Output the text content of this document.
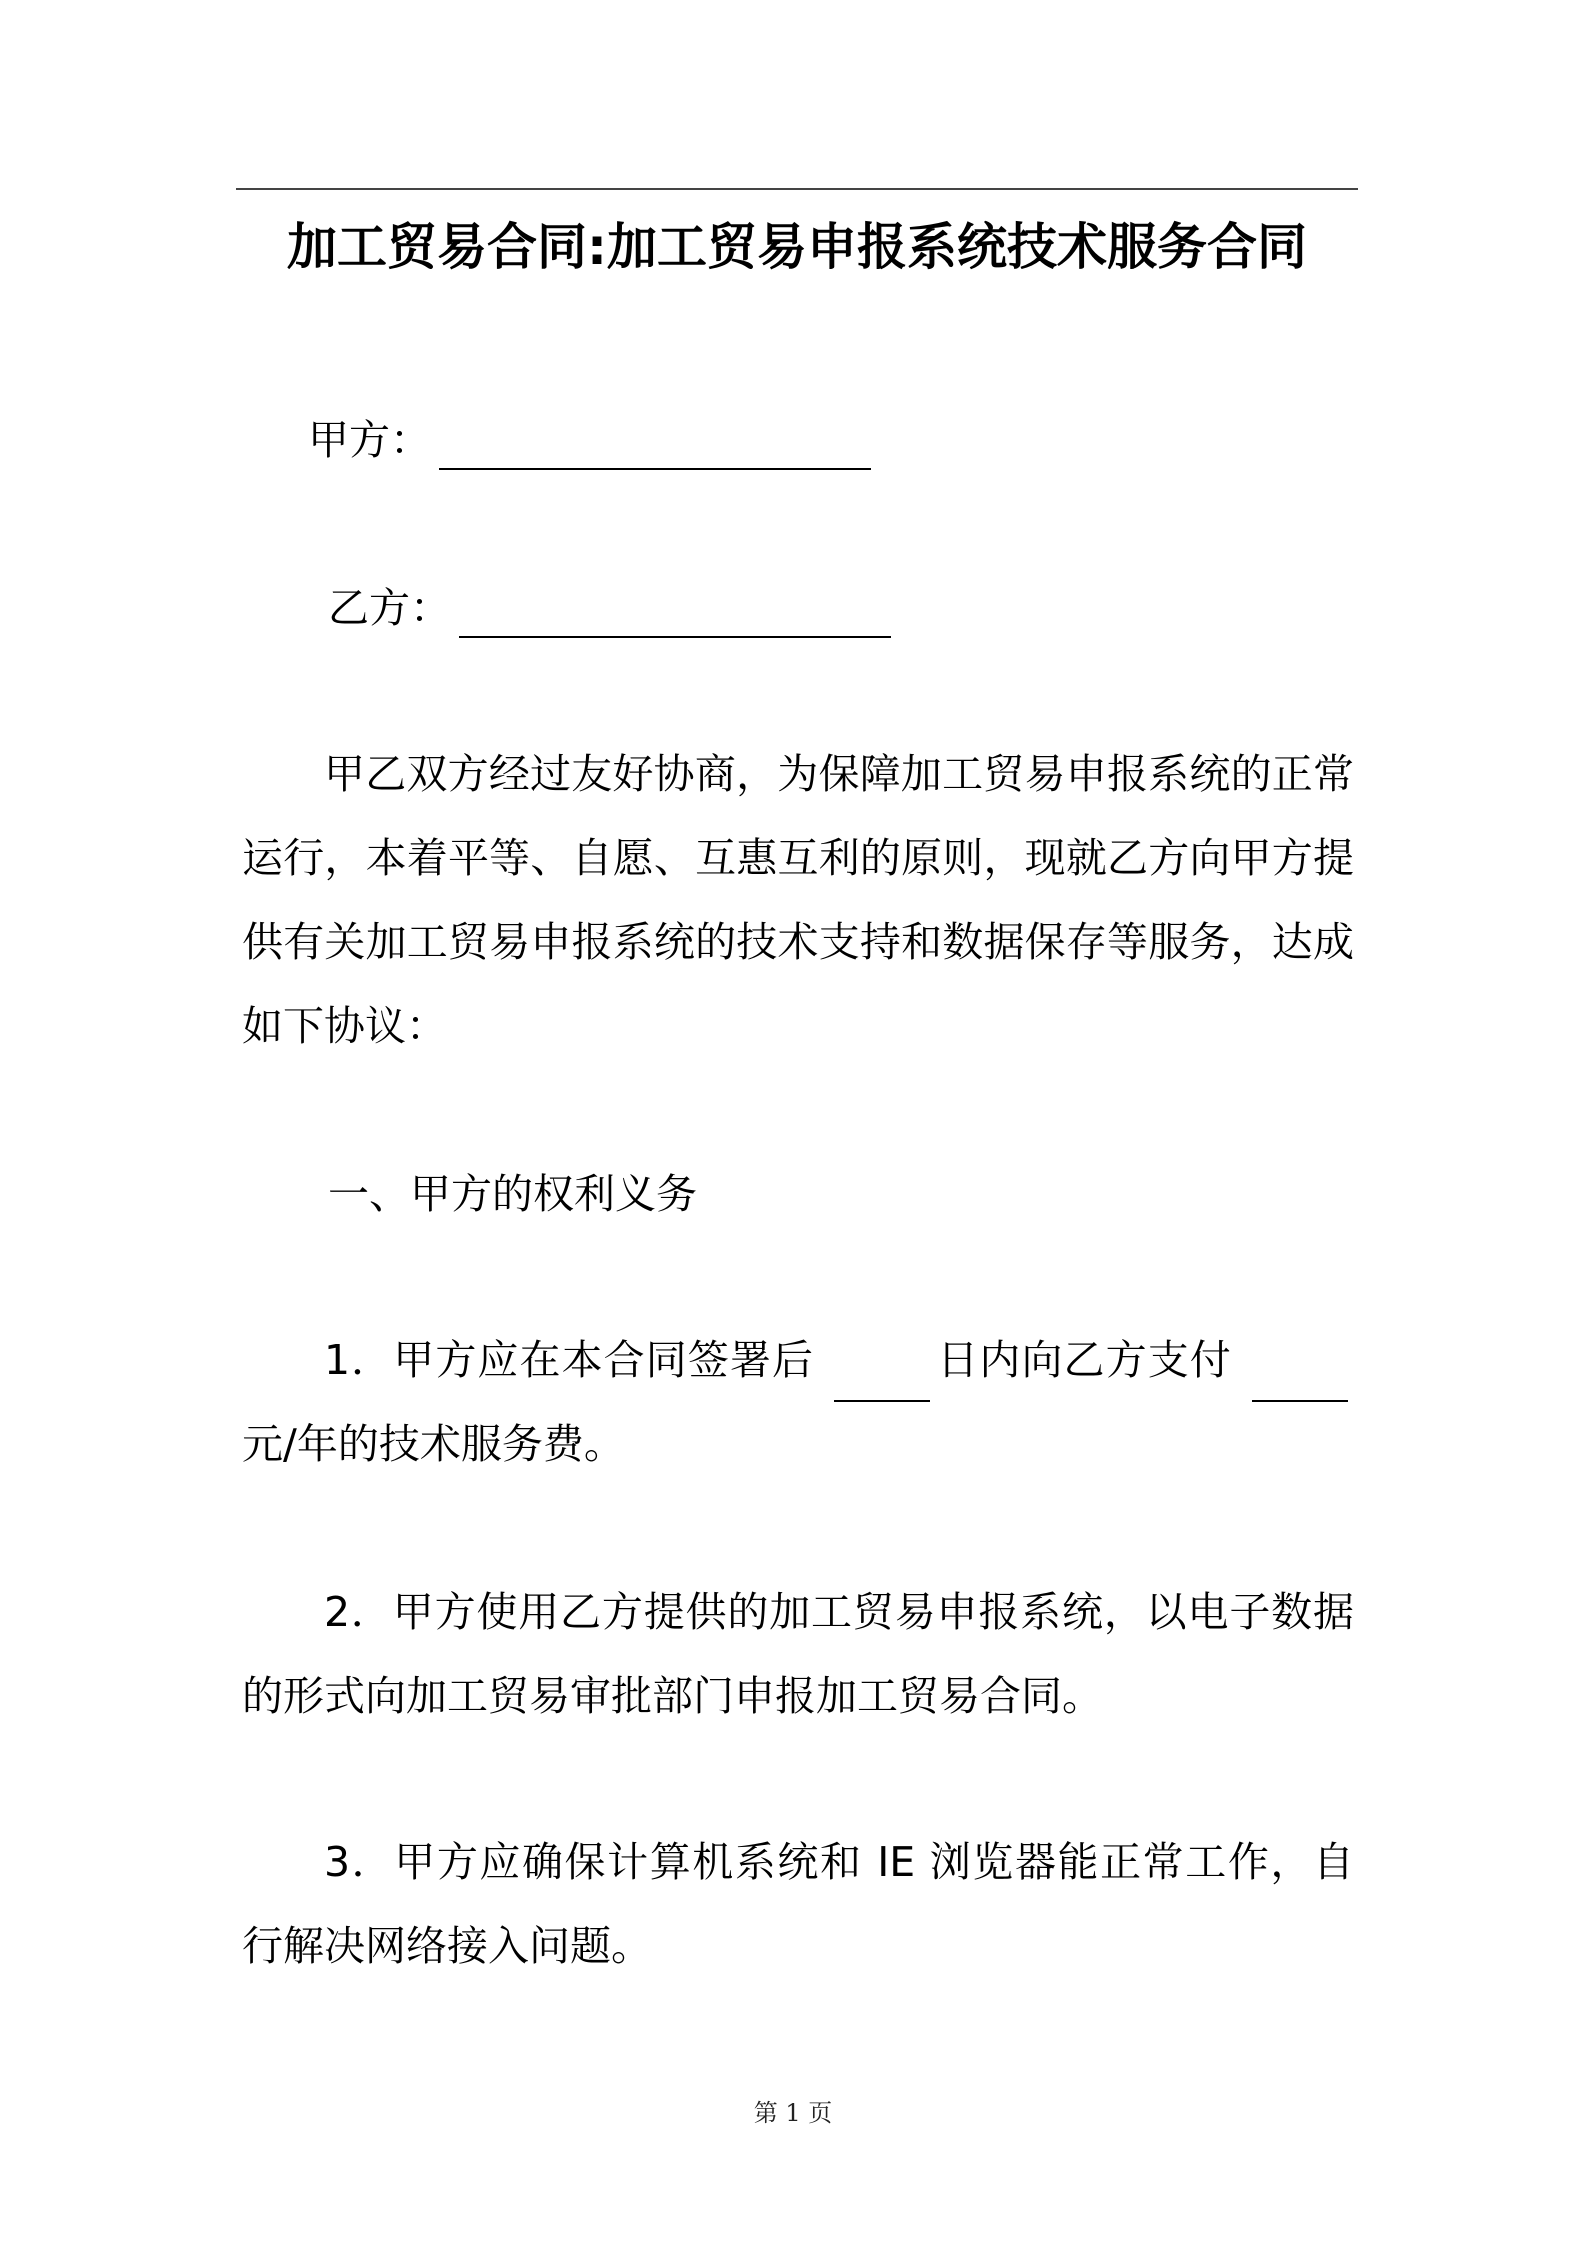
加工贸易合同:加工贸易申报系统技术服务合同
甲方：
乙方：
甲乙双方经过友好协商，为保障加工贸易申报系统的正常运行，本着平等、自愿、互惠互利的原则，现就乙方向甲方提供有关加工贸易申报系统的技术支持和数据保存等服务，达成如下协议：
一、甲方的权利义务
1．甲方应在本合同签署后	日内向乙方支付 元/年的技术服务费。
2．甲方使用乙方提供的加工贸易申报系统，以电子数据的形式向加工贸易审批部门申报加工贸易合同。
3．甲方应确保计算机系统和 IE 浏览器能正常工作，自行解决网络接入问题。
第 1 页
